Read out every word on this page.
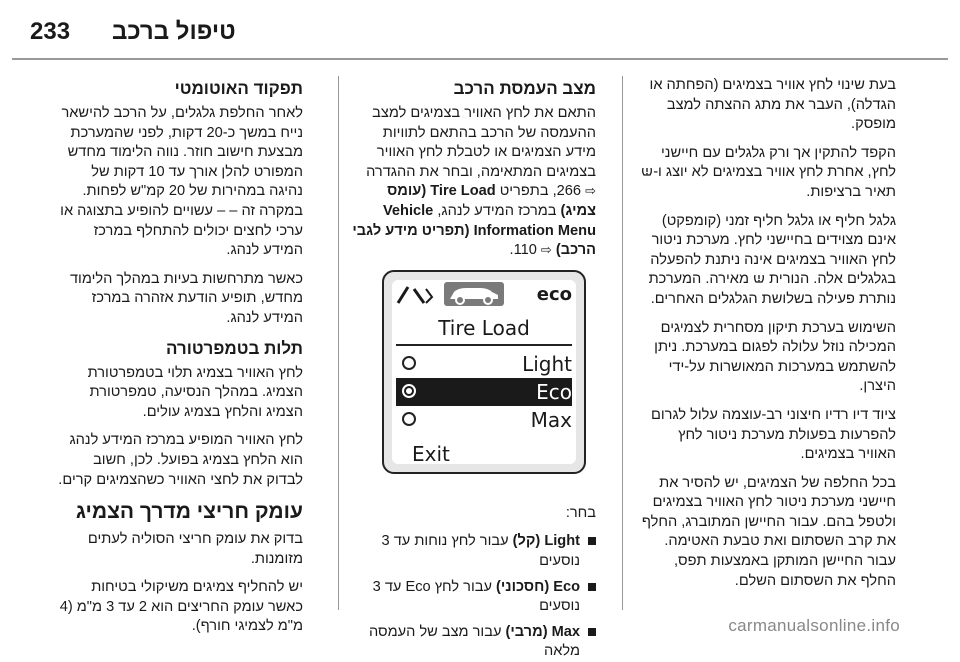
233 טיפול ברכב

בעת שינוי לחץ אוויר בצמיגים (הפחתה או הגדלה), העבר את מתג ההצתה למצב מופסק.

הקפד להתקין אך ורק גלגלים עם חיישני לחץ, אחרת לחץ אוויר בצמיגים לא יוצג ו- תאיר ברציפות.

גלגל חליף או גלגל חליף זמני (קומפקט) אינם מצוידים בחיישני לחץ. מערכת ניטור לחץ האוויר בצמיגים אינה ניתנת להפעלה בגלגלים אלה. הנורית  מאירה. המערכת נותרת פעילה בשלושת הגלגלים האחרים.

השימוש בערכת תיקון מסחרית לצמיגים המכילה נוזל עלולה לפגום במערכת. ניתן להשתמש במערכות המאושרות על-ידי היצרן.

ציוד דיו רדיו חיצוני רב-עוצמה עלול לגרום להפרעות בפעולת מערכת ניטור לחץ האוויר בצמיגים.

בכל החלפה של הצמיגים, יש להסיר את חיישני מערכת ניטור לחץ האוויר בצמיגים ולטפל בהם. עבור החיישן המתוברג, החלף את קרב השסתום ואת טבעת האטימה. עבור החיישן המותקן באמצעות תפס, החלף את השסתום השלם.

מצב העמסת הרכב

התאם את לחץ האוויר בצמיגים למצב ההעמסה של הרכב בהתאם לתוויות מידע הצמיגים או לטבלת לחץ האוויר בצמיגים המתאימה, ובחר את ההגדרה ⇨ 266, בתפריט Tire Load (עומס צמיג) במרכז המידע לנהג, Vehicle Information Menu (תפריט מידע לגבי הרכב) ⇨ 110.

eco
Tire Load
Light
Eco
Max
Exit

בחר:

Light (קל) עבור לחץ נוחות עד 3 נוסעים
Eco (חסכוני) עבור לחץ Eco עד 3 נוסעים
Max (מרבי) עבור מצב של העמסה מלאה
תפקוד האוטומטי

לאחר החלפת גלגלים, על הרכב להישאר נייח במשך כ-20 דקות, לפני שהמערכת מבצעת חישוב חוזר. נווה הלימוד מחדש המפורט להלן אורך עד 10 דקות של נהיגה במהירות של 20 קמ"ש לפחות. במקרה זה – – עשויים להופיע בתצוגה או ערכי לחצים יכולים להתחלף במרכז המידע לנהג.

כאשר מתרחשות בעיות במהלך הלימוד מחדש, תופיע הודעת אזהרה במרכז המידע לנהג.

תלות בטמפרטורה

לחץ האוויר בצמיג תלוי בטמפרטורת הצמיג. במהלך הנסיעה, טמפרטורת הצמיג והלחץ בצמיג עולים.

לחץ האוויר המופיע במרכז המידע לנהג הוא הלחץ בצמיג בפועל. לכן, חשוב לבדוק את לחצי האוויר כשהצמיגים קרים.

עומק חריצי מדרך הצמיג

בדוק את עומק חריצי הסוליה לעתים מזומנות.

יש להחליף צמיגים משיקולי בטיחות כאשר עומק החריצים הוא 2 עד 3 מ"מ (4 מ"מ לצמיגי חורף).	carmanualsonline.info
